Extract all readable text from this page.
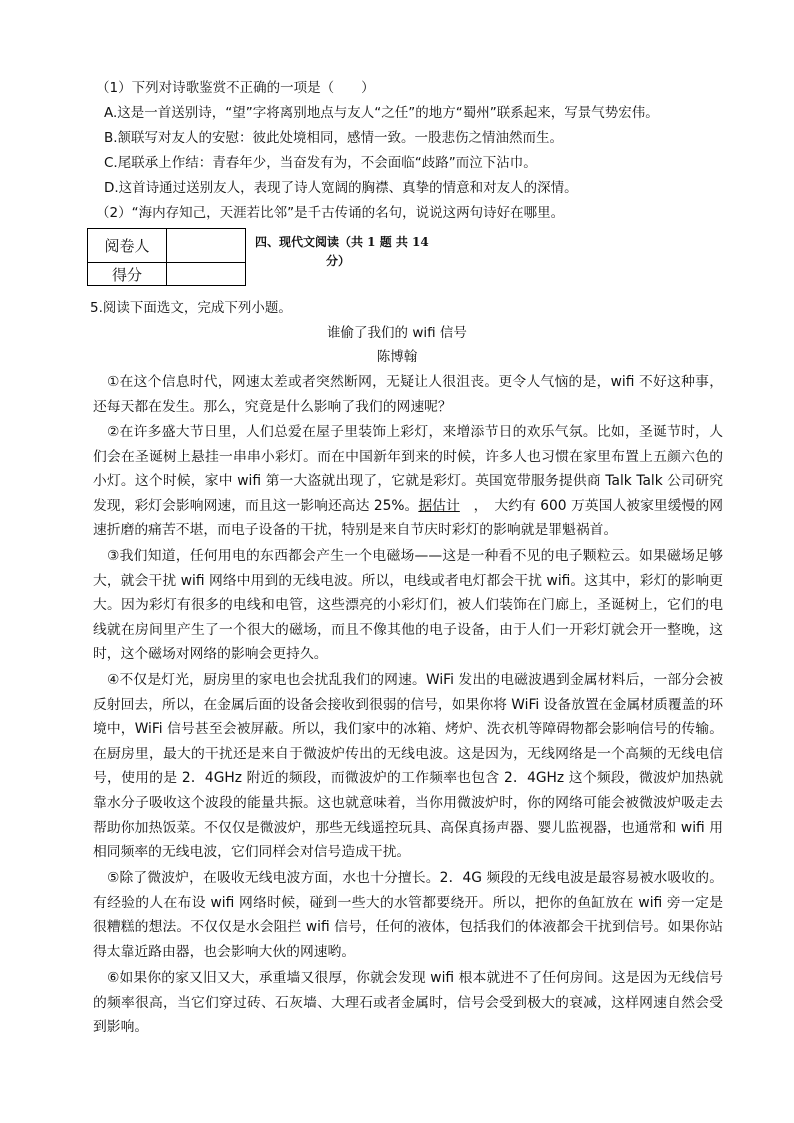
（1）下列对诗歌鉴赏不正确的一项是（　　）
A.这是一首送别诗，“望”字将离别地点与友人“之任”的地方“蜀州”联系起来，写景气势宏伟。
B.颔联写对友人的安慰：彼此处境相同，感情一致。一股悲伤之情油然而生。
C.尾联承上作结：青春年少，当奋发有为，不会面临“歧路”而泣下沾巾。
D.这首诗通过送别友人，表现了诗人宽阔的胸襟、真挚的情意和对友人的深情。
（2）“海内存知己，天涯若比邻”是千古传诵的名句，说说这两句诗好在哪里。
阅卷人	
得分	
四、现代文阅读（共 1 题 共 14
分）
5.阅读下面选文，完成下列小题。
谁偷了我们的 wifi 信号
陈博翰
①在这个信息时代，网速太差或者突然断网，无疑让人很沮丧。更令人气恼的是，wifi 不好这种事，还每天都在发生。那么，究竟是什么影响了我们的网速呢？
②在许多盛大节日里，人们总爱在屋子里装饰上彩灯，来增添节日的欢乐气氛。比如，圣诞节时，人们会在圣诞树上悬挂一串串小彩灯。而在中国新年到来的时候，许多人也习惯在家里布置上五颜六色的小灯。这个时候，家中 wifi 第一大盗就出现了，它就是彩灯。英国宽带服务提供商 Talk Talk 公司研究发现，彩灯会影响网速，而且这一影响还高达 25%。据估计　，　大约有 600 万英国人被家里缓慢的网速折磨的痛苦不堪，而电子设备的干扰，特别是来自节庆时彩灯的影响就是罪魁祸首。
③我们知道，任何用电的东西都会产生一个电磁场——这是一种看不见的电子颗粒云。如果磁场足够大，就会干扰 wifi 网络中用到的无线电波。所以，电线或者电灯都会干扰 wifi。这其中，彩灯的影响更大。因为彩灯有很多的电线和电管，这些漂亮的小彩灯们，被人们装饰在门廊上，圣诞树上，它们的电线就在房间里产生了一个很大的磁场，而且不像其他的电子设备，由于人们一开彩灯就会开一整晚，这时，这个磁场对网络的影响会更持久。
④不仅是灯光，厨房里的家电也会扰乱我们的网速。WiFi 发出的电磁波遇到金属材料后，一部分会被反射回去，所以，在金属后面的设备会接收到很弱的信号，如果你将 WiFi 设备放置在金属材质覆盖的环境中，WiFi 信号甚至会被屏蔽。所以，我们家中的冰箱、烤炉、洗衣机等障碍物都会影响信号的传输。在厨房里，最大的干扰还是来自于微波炉传出的无线电波。这是因为，无线网络是一个高频的无线电信号，使用的是 2．4GHz 附近的频段，而微波炉的工作频率也包含 2．4GHz 这个频段，微波炉加热就靠水分子吸收这个波段的能量共振。这也就意味着，当你用微波炉时，你的网络可能会被微波炉吸走去帮助你加热饭菜。不仅仅是微波炉，那些无线遥控玩具、高保真扬声器、婴儿监视器，也通常和 wifi 用相同频率的无线电波，它们同样会对信号造成干扰。
⑤除了微波炉，在吸收无线电波方面，水也十分擅长。2．4G 频段的无线电波是最容易被水吸收的。有经验的人在布设 wifi 网络时候，碰到一些大的水管都要绕开。所以，把你的鱼缸放在 wifi 旁一定是很糟糕的想法。不仅仅是水会阻拦 wifi 信号，任何的液体，包括我们的体液都会干扰到信号。如果你站得太靠近路由器，也会影响大伙的网速哟。
⑥如果你的家又旧又大，承重墙又很厚，你就会发现 wifi 根本就进不了任何房间。这是因为无线信号的频率很高，当它们穿过砖、石灰墙、大理石或者金属时，信号会受到极大的衰减，这样网速自然会受到影响。
